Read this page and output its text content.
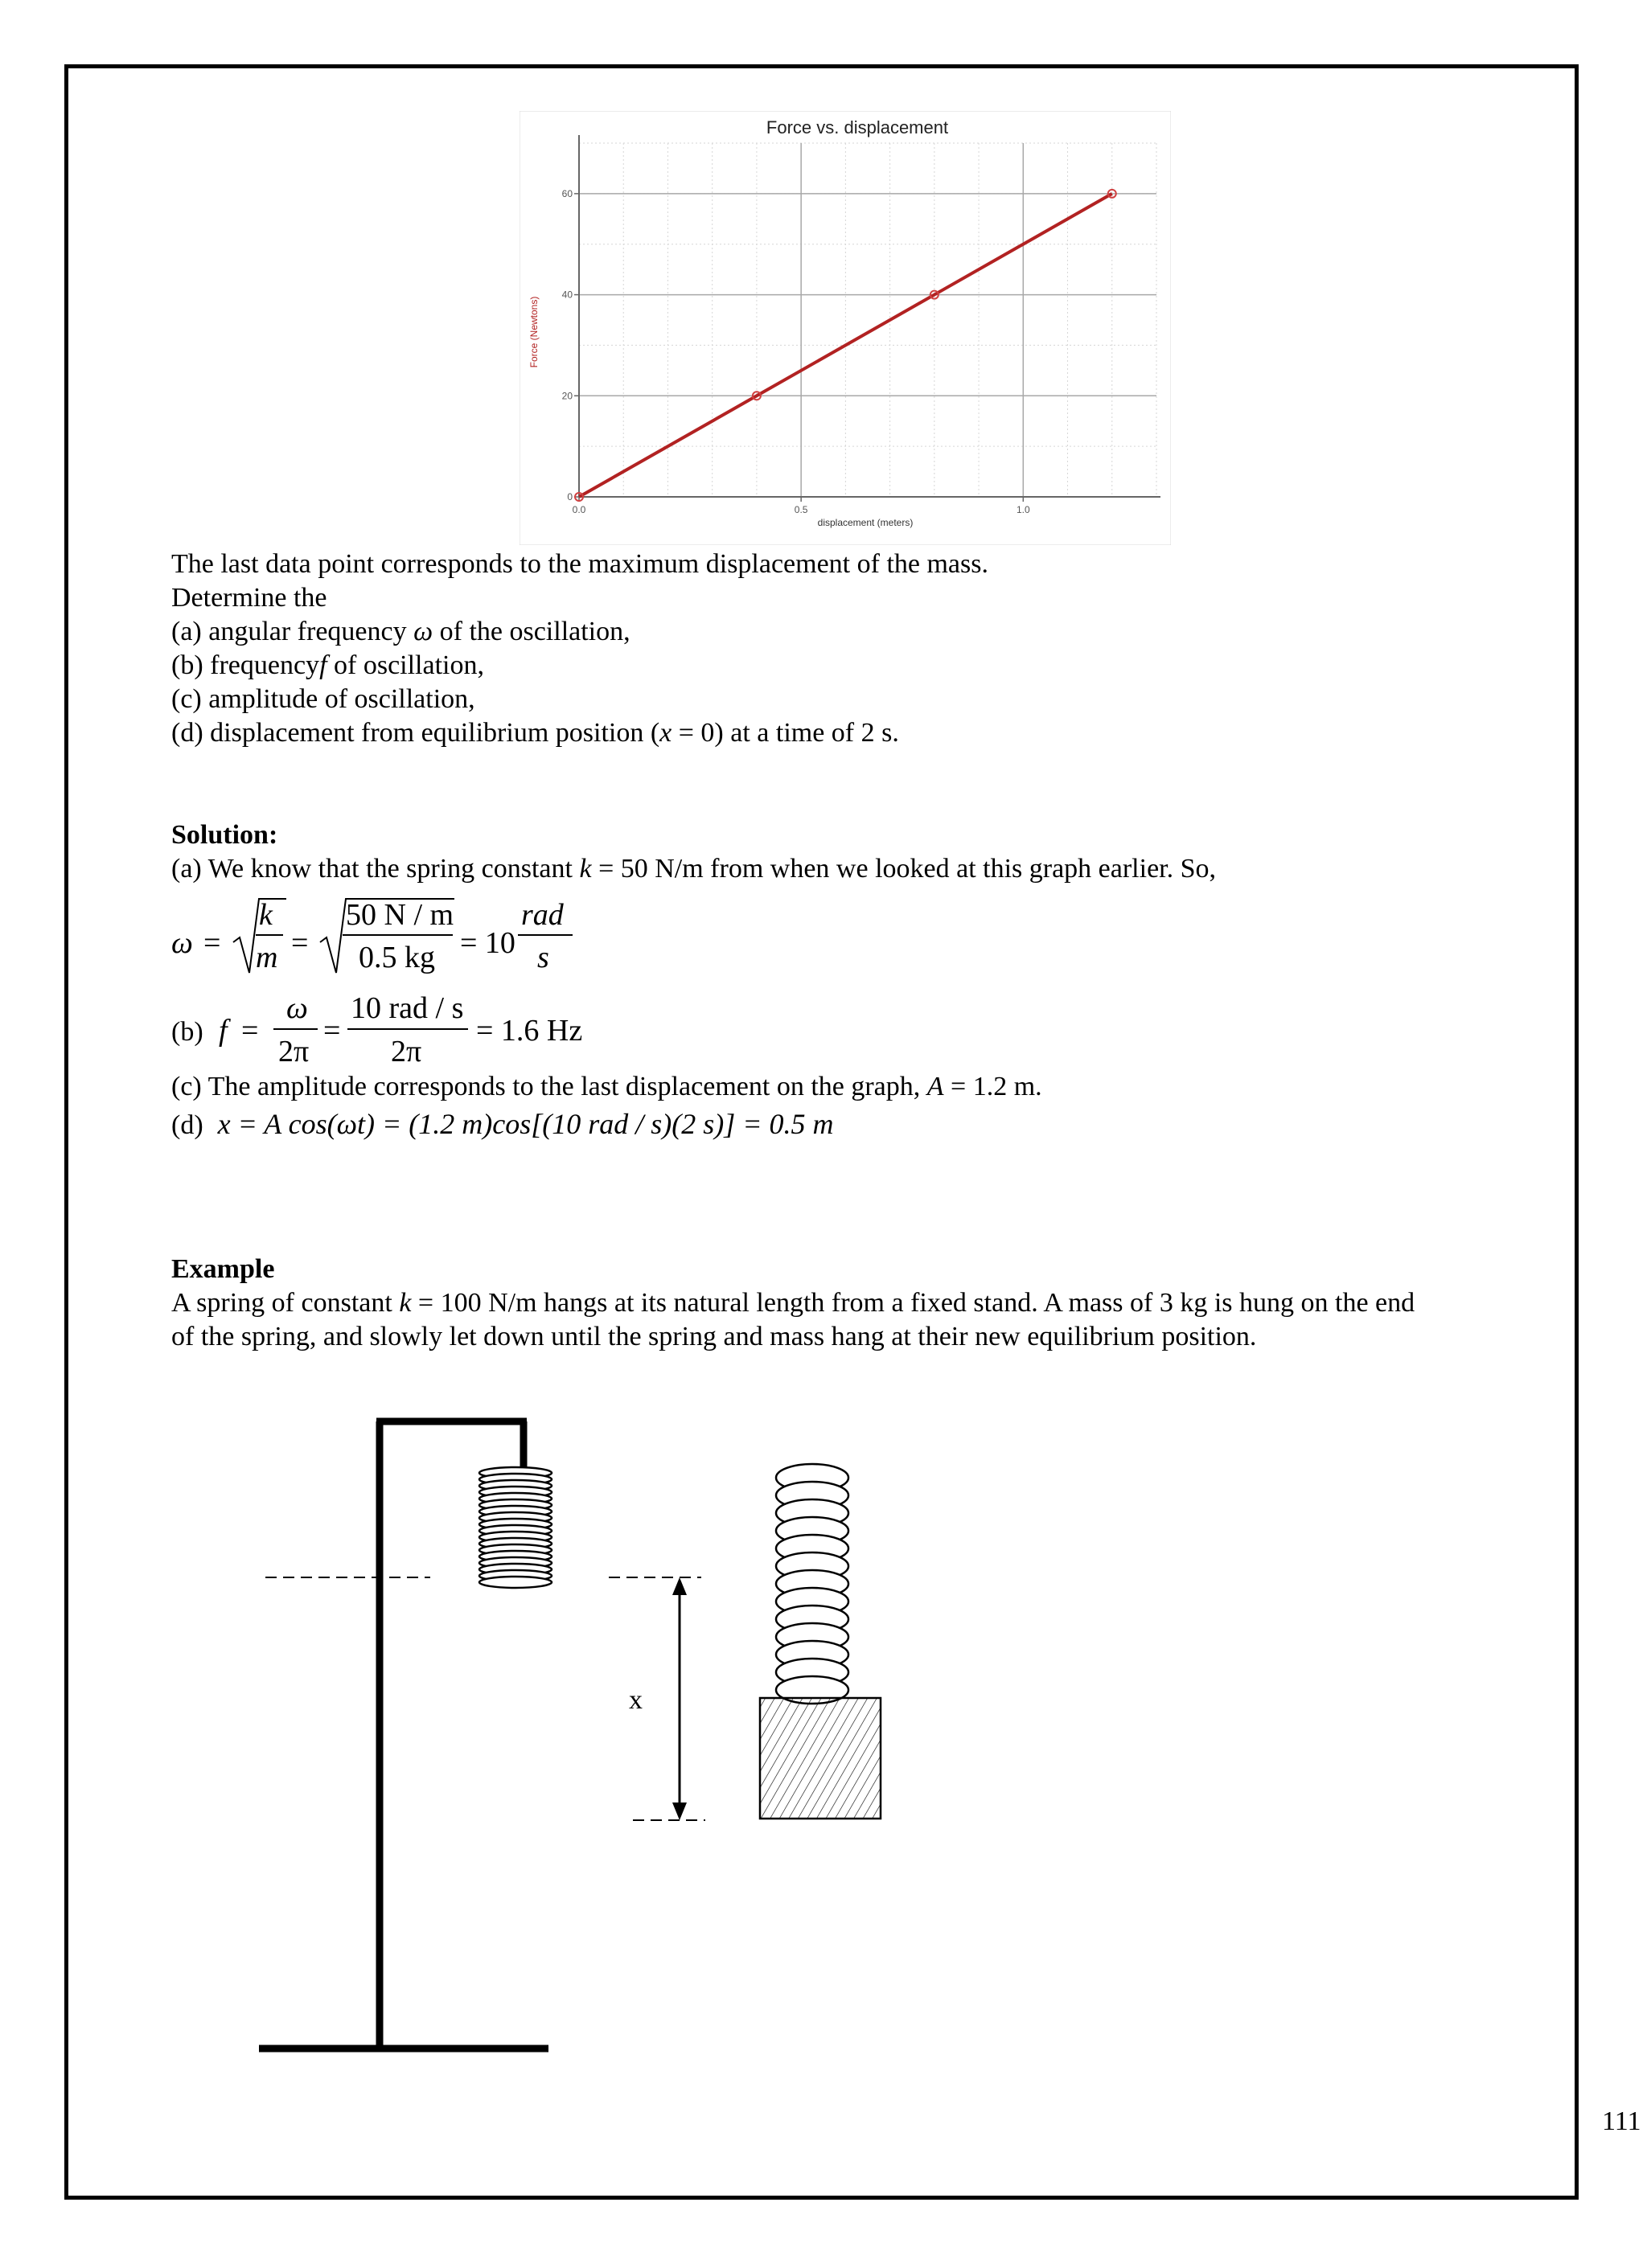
Force vs. displacement
0.0	0.5	1.0
0
20
40
60
displacement (meters)
Force (Newtons)
The last data point corresponds to the maximum displacement of the mass.
Determine the
(a) angular frequency ω of the oscillation,
(b) frequencyf of oscillation,
(c) amplitude of oscillation,
(d) displacement from equilibrium position (x = 0) at a time of 2 s.
Solution:
(a) We know that the spring constant k = 50 N/m from when we looked at this graph earlier. So,
ω =
k
m =
50 N / m
0.5 kg = 10
rad
s
(b) f =
ω
2π
=
10 rad / s
2π
= 1.6 Hz
(c) The amplitude corresponds to the last displacement on the graph, A = 1.2 m.
(d) x = A cos(ωt) = (1.2 m)cos[(10 rad / s)(2 s)] = 0.5 m
Example
A spring of constant k = 100 N/m hangs at its natural length from a fixed stand. A mass of 3 kg is hung on the end
of the spring, and slowly let down until the spring and mass hang at their new equilibrium position.
x
111
